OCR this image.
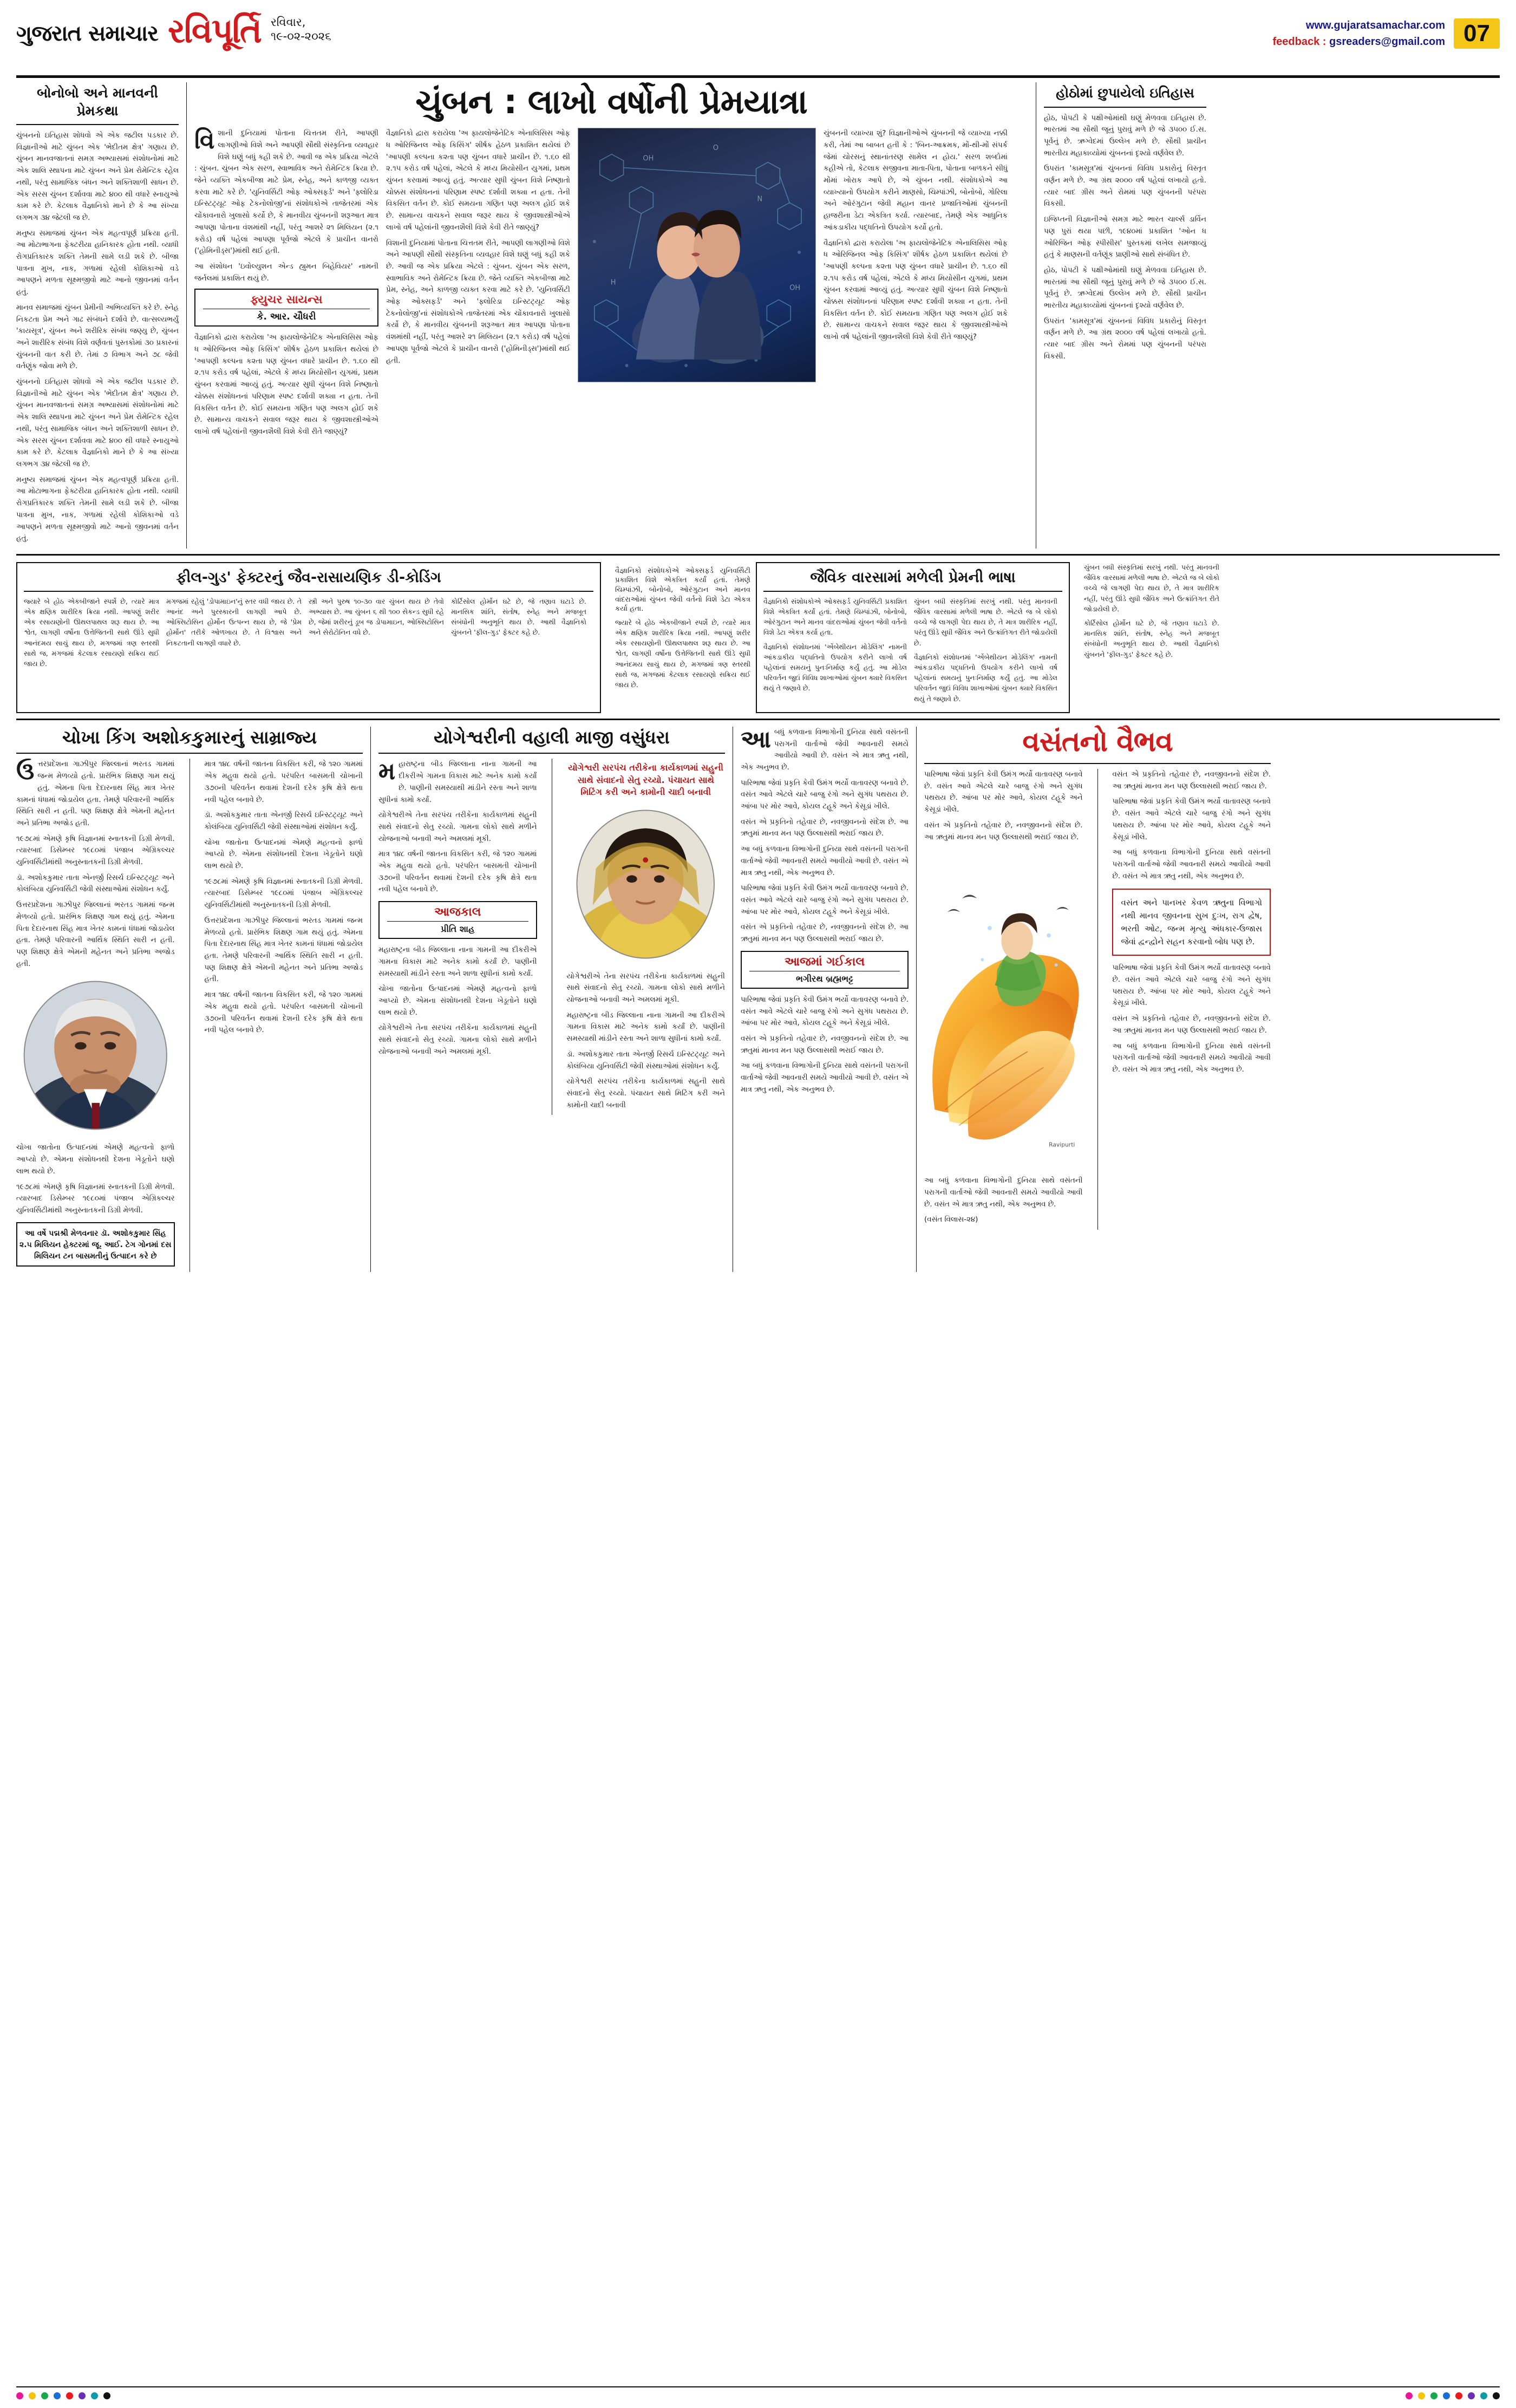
ગુજરાત સમાચાર રવિપૂર્તિ રવિવાર,
૧૯-૦૨-૨૦૨૬
www.gujaratsamachar.com
feedback : gsreaders@gmail.com 07
બોનોબો અને માનવની પ્રેમકથા

ચુંબનનો ઇતિહાસ શોધવો એ એક જટીલ પડકાર છે. વિજ્ઞાનીઓ માટે ચુંબન એક 'ભેદીતમ ક્ષેત્ર' ગણાય છે. ચુંબન માનવજાતનાં સમગ્ર અભ્યાસમાં સંશોધનોમાં માટે એક શાલિ સ્થાપના માટે ચુંબન અને પ્રેમ રોમેન્ટિક રહેલ નથી, પરંતુ સામાજિક બંધન અને શક્તિશાળી સાધન છે. એક સરસ ચુંબન દર્શાવવા માટે ૪૦૦ થી વધારે સ્નાયુઓ કામ કરે છે. કેટલાક વૈજ્ઞાનિકો માને છે કે આ સંખ્યા લગભગ ૩૪ જેટલી જ છે.

મનુષ્ય સમાજમાં ચુંબન એક મહત્વપૂર્ણ પ્રક્રિયા હતી. આ મોટાભાગના ફેક્ટરીયા હાનિકારક હોતા નથી. વ્યાધી રોગપ્રતિકારક શક્તિ તેમની સામે લડી શકે છે. બીજા પાત્રના મુખ, નાક, ગળામાં રહેલી કોશિકાઓ વડે આપણને મળતા સૂક્ષ્મજીવો માટે આનો જીવનમાં વર્તન હતું.

માનવ સમાજમાં ચુંબન પ્રેમીની અભિવ્યક્તિ કરે છે. સ્નેહ નિકટતા પ્રેમ અને ગાઢ સંબંધને દર્શાવે છે. વાત્સલ્યભર્યું 'કાયસૂત્ર', ચુંબન અને શરીરિક સંબંધ જણ્યુ છે, ચુંબન અને શારીરિક સંબંધ વિશે વર્ણવતાં પુસ્તકોમાં ૩૦ પ્રકારનાં ચુંબનની વાત કરી છે. તેમાં ૭ વિભાગ અને ૭૮ જેવી વર્તણુંક જોવા મળે છે.

ચુંબનનો ઇતિહાસ શોધવો એ એક જટીલ પડકાર છે. વિજ્ઞાનીઓ માટે ચુંબન એક 'ભેદીતમ ક્ષેત્ર' ગણાય છે. ચુંબન માનવજાતનાં સમગ્ર અભ્યાસમાં સંશોધનોમાં માટે એક શાલિ સ્થાપના માટે ચુંબન અને પ્રેમ રોમેન્ટિક રહેલ નથી, પરંતુ સામાજિક બંધન અને શક્તિશાળી સાધન છે. એક સરસ ચુંબન દર્શાવવા માટે ૪૦૦ થી વધારે સ્નાયુઓ કામ કરે છે. કેટલાક વૈજ્ઞાનિકો માને છે કે આ સંખ્યા લગભગ ૩૪ જેટલી જ છે.

મનુષ્ય સમાજમાં ચુંબન એક મહત્વપૂર્ણ પ્રક્રિયા હતી. આ મોટાભાગના ફેક્ટરીયા હાનિકારક હોતા નથી. વ્યાધી રોગપ્રતિકારક શક્તિ તેમની સામે લડી શકે છે. બીજા પાત્રના મુખ, નાક, ગળામાં રહેલી કોશિકાઓ વડે આપણને મળતા સૂક્ષ્મજીવો માટે આનો જીવનમાં વર્તન હતું.

ચુંબન : લાખો વર્ષોની પ્રેમયાત્રા

વિશાની દુનિયામાં પોતાના ચિત્તતમ રીતે, આપણી લાગણીઓ વિશે અને આપણી સૌથી સંસ્કૃતિના વ્યવહાર વિશે ઘણું બધું કહી શકે છે. આવી જ એક પ્રક્રિયા એટલે : ચુંબન. ચુંબન એક સરળ, સ્વાભાવિક અને રોમેન્ટિક ક્રિયા છે. જેને વ્યક્તિ એકબીજા માટે પ્રેમ, સ્નેહ, અને કાળજી વ્યક્ત કરવા માટે કરે છે. 'યુનિવર્સિટી ઓફ ઓક્સફર્ડ' અને 'ફ્લોરિડા ઇન્સ્ટિટ્યૂટ ઓફ ટેકનોલોજી'નાં સંશોધકોએ તાજેતરમાં એક ચોંકાવનારો ખુલાસો કર્યો છે, કે માનવીય ચુંબનની શરૂઆત માત્ર આપણા પોતાના વંશમાંથી નહીં, પરંતુ આશરે ૨૧ મિલિયન (૨.૧ કરોડ) વર્ષ પહેલાં આપણા પૂર્વજો એટલે કે પ્રાચીન વાનરો ('હોમિનીડ્સ')માંથી થઈ હતી.

આ સંશોધન 'ઇવોલ્યુશન એન્ડ હ્યુમન બિહેવિયર' નામની જર્નલમાં પ્રકાશિત થયું છે.

ફ્યુચર સાયન્સ
કે. આર. ચૌધરી

વૈજ્ઞાનિકો દ્વારા કરાયેલા 'અ ફાયલોજેનેટિક એનાલિસિસ ઓફ ધ ઓરિજિનલ ઓફ કિસિંગ' શીર્ષક હેઠળ પ્રકાશિત થયેલાં છે 'આપણી કલ્પના ક૨તા પણ ચુંબન વધારે પ્રાચીન છે. ૧.૬૦ થી ૨.૧૫ કરોડ વર્ષ પહેલાં, એટલે કે મધ્ય મિયોસીન યુગમાં, પ્રથમ ચુંબન કરવામાં આવ્યું હતું. અત્યાર સુધી ચુંબન વિશે નિષ્ણાતો ચોક્કસ સંશોધનનાં પરિણામ સ્પષ્ટ દર્શાવી શક્યા ન હતા. તેની વિકસિત વર્તન છે. કોઈ સમયના ગણિત પણ અલગ હોઈ શકે છે. સામાન્ય વાચકને સવાલ જરૂર થાય કે જીવશાસ્ત્રીઓએ લાખો વર્ષ પહેલાંની જીવનશૈલી વિશે કેવી રીતે જાણ્યું?

વૈજ્ઞાનિકો દ્વારા કરાયેલા 'અ ફાયલોજેનેટિક એનાલિસિસ ઓફ ધ ઓરિજિનલ ઓફ કિસિંગ' શીર્ષક હેઠળ પ્રકાશિત થયેલાં છે 'આપણી કલ્પના ક૨તા પણ ચુંબન વધારે પ્રાચીન છે. ૧.૬૦ થી ૨.૧૫ કરોડ વર્ષ પહેલાં, એટલે કે મધ્ય મિયોસીન યુગમાં, પ્રથમ ચુંબન કરવામાં આવ્યું હતું. અત્યાર સુધી ચુંબન વિશે નિષ્ણાતો ચોક્કસ સંશોધનનાં પરિણામ સ્પષ્ટ દર્શાવી શક્યા ન હતા. તેની વિકસિત વર્તન છે. કોઈ સમયના ગણિત પણ અલગ હોઈ શકે છે. સામાન્ય વાચકને સવાલ જરૂર થાય કે જીવશાસ્ત્રીઓએ લાખો વર્ષ પહેલાંની જીવનશૈલી વિશે કેવી રીતે જાણ્યું?

વિશાની દુનિયામાં પોતાના ચિત્તતમ રીતે, આપણી લાગણીઓ વિશે અને આપણી સૌથી સંસ્કૃતિના વ્યવહાર વિશે ઘણું બધું કહી શકે છે. આવી જ એક પ્રક્રિયા એટલે : ચુંબન. ચુંબન એક સરળ, સ્વાભાવિક અને રોમેન્ટિક ક્રિયા છે. જેને વ્યક્તિ એકબીજા માટે પ્રેમ, સ્નેહ, અને કાળજી વ્યક્ત કરવા માટે કરે છે. 'યુનિવર્સિટી ઓફ ઓક્સફર્ડ' અને 'ફ્લોરિડા ઇન્સ્ટિટ્યૂટ ઓફ ટેકનોલોજી'નાં સંશોધકોએ તાજેતરમાં એક ચોંકાવનારો ખુલાસો કર્યો છે, કે માનવીય ચુંબનની શરૂઆત માત્ર આપણા પોતાના વંશમાંથી નહીં, પરંતુ આશરે ૨૧ મિલિયન (૨.૧ કરોડ) વર્ષ પહેલાં આપણા પૂર્વજો એટલે કે પ્રાચીન વાનરો ('હોમિનીડ્સ')માંથી થઈ હતી.

OH
O
N
H
OH

ચુંબનની વ્યાખ્યા શું? વિજ્ઞાનીઓએ ચુંબનની જે વ્યાખ્યા નક્કી કરી, તેમાં આ બાબત હતી કે : 'બિન-આક્રમક, મોં-થી-મોં સંપર્ક જેમાં ચોરસનું સ્થાનાંતરણ સામેલ ન હોય.' સરળ શબ્દોમાં કહીએ તો, કેટલાક સજીવના માતા-પિતા, પોતાના બાળકને સીધું મોંમાં ખોરાક આપે છે, એ ચુંબન નથી. સંશોધકોએ આ વ્યાખ્યાનો ઉપયોગ કરીને માણસો, ચિમ્પાંઝી, બોનોબો, ગોરિલા અને ઓરંગુટાન જેવી મહાન વાનર પ્રજાતિઓમાં ચુંબનની હાજરીના ડેટા એકત્રિત કર્યા. ત્યારબાદ, તેમણે એક આધુનિક આંકડાકીય પદ્ધતિનો ઉપયોગ કર્યો હતો.

વૈજ્ઞાનિકો દ્વારા કરાયેલા 'અ ફાયલોજેનેટિક એનાલિસિસ ઓફ ધ ઓરિજિનલ ઓફ કિસિંગ' શીર્ષક હેઠળ પ્રકાશિત થયેલાં છે 'આપણી કલ્પના ક૨તા પણ ચુંબન વધારે પ્રાચીન છે. ૧.૬૦ થી ૨.૧૫ કરોડ વર્ષ પહેલાં, એટલે કે મધ્ય મિયોસીન યુગમાં, પ્રથમ ચુંબન કરવામાં આવ્યું હતું. અત્યાર સુધી ચુંબન વિશે નિષ્ણાતો ચોક્કસ સંશોધનનાં પરિણામ સ્પષ્ટ દર્શાવી શક્યા ન હતા. તેની વિકસિત વર્તન છે. કોઈ સમયના ગણિત પણ અલગ હોઈ શકે છે. સામાન્ય વાચકને સવાલ જરૂર થાય કે જીવશાસ્ત્રીઓએ લાખો વર્ષ પહેલાંની જીવનશૈલી વિશે કેવી રીતે જાણ્યું?

હોઠોમાં છુપાયેલો ઇતિહાસ

હોઠ, પોપટી કે પક્ષીઓમાંથી ઘણું મેળવવા ઇતિહાસ છે. ભારતમાં આ સૌથી જૂનું પુરાવું મળે છે જે ૩૫૦૦ ઈ.સ. પૂર્વનું છે. ઋગ્વેદમાં ઉલ્લેખ મળે છે. સૌથી પ્રાચીન ભારતીય મહાકાવ્યોમાં ચુંબનનાં દૃશ્યો વર્ણવેલ છે.

ઉપરાંત 'કામસૂત્ર'માં ચુંબનનાં વિવિધ પ્રકારોનું વિસ્તૃત વર્ણન મળે છે. આ ગ્રંથ ૨૦૦૦ વર્ષ પહેલાં લખાયો હતો. ત્યાર બાદ ગ્રીસ અને રોમમાં પણ ચુંબનની પરંપરા વિકસી.

ઇજિપ્તની વિજ્ઞાનીઓ સમગ્ર માટે ભારત ચાર્લ્સ ડાર્વિન પણ પુરાં થયા પછી, ૧૯૪૦માં પ્રકાશિત 'ઓન ધ ઓરિજિન ઓફ સ્પીસીસ' પુસ્તકમાં લખેલ સમજાવ્યું હતું કે માણસની વર્તણૂંક પ્રાણીઓ સાથે સંબંધિત છે.

હોઠ, પોપટી કે પક્ષીઓમાંથી ઘણું મેળવવા ઇતિહાસ છે. ભારતમાં આ સૌથી જૂનું પુરાવું મળે છે જે ૩૫૦૦ ઈ.સ. પૂર્વનું છે. ઋગ્વેદમાં ઉલ્લેખ મળે છે. સૌથી પ્રાચીન ભારતીય મહાકાવ્યોમાં ચુંબનનાં દૃશ્યો વર્ણવેલ છે.

ઉપરાંત 'કામસૂત્ર'માં ચુંબનનાં વિવિધ પ્રકારોનું વિસ્તૃત વર્ણન મળે છે. આ ગ્રંથ ૨૦૦૦ વર્ષ પહેલાં લખાયો હતો. ત્યાર બાદ ગ્રીસ અને રોમમાં પણ ચુંબનની પરંપરા વિકસી.

ફીલ-ગુડ' ફેક્ટરનું જૈવ-રાસાયણિક ડી-કોડિંગ

જ્યારે બે હોઠ એકબીજાને સ્પર્શે છે, ત્યારે માત્ર એક ક્ષણિક શારીરિક ક્રિયા નથી. આપણું શરીર એક રસાયણોની ઊથલપાથલ શરૂ થાય છે. આ શ્વેત, લાગણી વર્ષોના ઉત્તેજિતની સાથે ઊંડે સુધી આનંદમય સાચું થાય છે, મગજમાં ત્રણ સ્તરથી સાથે જ, મગજમાં કેટલાક રસાયણો સક્રિય થઈ જાય છે.

મગજમાં રહેલું 'ડોપામાઇન'નું સ્તર વધી જાય છે. તે આનંદ અને પુરસ્કારની લાગણી આપે છે. ઓક્સિટોસિન હોર્મોન ઉત્પન્ન થાય છે, જે 'પ્રેમ હોર્મોન' તરીકે ઓળખાય છે. તે વિશ્વાસ અને નિકટતાની લાગણી વધારે છે.

સ્ત્રી અને પુરુષ ૧૦-૩૦ વાર ચુંબન થાય છે તેવો અભ્યાસ છે. આ ચુંબન ૬ થી ૧૦૦ સેકન્ડ સુધી રહે છે, જેમાં શરીરનું ડૂબ જ ડોપામાઇન, ઓક્સિટોસિન અને સેરોટોનિન વધે છે.

કોર્ટિસોલ હોર્મોન ઘટે છે, જે તણાવ ઘટાડે છે. માનસિક શાંતિ, સંતોષ, સ્નેહ અને મજબૂત સંબંધોની અનુભૂતિ થાય છે. આથી વૈજ્ઞાનિકો ચુંબનને 'ફીલ-ગુડ' ફેક્ટર કહે છે.

વૈજ્ઞાનિકો સંશોધકોએ ઓક્સફર્ડ યુનિવર્સિટી પ્રકાશિત વિશે એકત્રિત કર્યાં હતાં. તેમણે ચિમ્પાંઝી, બોનોબો, ઓરંગુટાન અને માનવ વાંદરાઓમાં ચુંબન જેવી વર્તનો વિશે ડેટા એકત્ર કર્યા હતા.

જ્યારે બે હોઠ એકબીજાને સ્પર્શે છે, ત્યારે માત્ર એક ક્ષણિક શારીરિક ક્રિયા નથી. આપણું શરીર એક રસાયણોની ઊથલપાથલ શરૂ થાય છે. આ શ્વેત, લાગણી વર્ષોના ઉત્તેજિતની સાથે ઊંડે સુધી આનંદમય સાચું થાય છે, મગજમાં ત્રણ સ્તરથી સાથે જ, મગજમાં કેટલાક રસાયણો સક્રિય થઈ જાય છે.

જૈવિક વારસામાં મળેલી પ્રેમની ભાષા

વૈજ્ઞાનિકો સંશોધકોએ ઓક્સફર્ડ યુનિવર્સિટી પ્રકાશિત વિશે એકત્રિત કર્યાં હતાં. તેમણે ચિમ્પાંઝી, બોનોબો, ઓરંગુટાન અને માનવ વાંદરાઓમાં ચુંબન જેવી વર્તનો વિશે ડેટા એકત્ર કર્યા હતા.

વૈજ્ઞાનિકો સંશોધનમાં 'એંબેથીયન મોડેલિંગ' નામની આંકડાકીય પદ્ધતિનો ઉપયોગ કરીને લાખો વર્ષ પહેલાંનાં સમયનું પુનઃનિર્માણ કર્યું હતું. આ મોડેલ પરિવર્તન જુદાં વિવિધ શાખાઓમાં ચુંબન ક્યારે વિકસિત થયું તે જણાવે છે.

ચુંબન બધી સંસ્કૃતિમાં સરખું નથી. પરંતુ માનવની જૈવિક વારસામાં મળેલી ભાષા છે. એટલે જ બે લોકો વચ્ચે જે લાગણી પેદા થાય છે, તે માત્ર શારીરિક નહીં, પરંતુ ઊંડે સુધી જૈવિક અને ઉત્ક્રાંતિગત રીતે જોડાયેલી છે.

વૈજ્ઞાનિકો સંશોધનમાં 'એંબેથીયન મોડેલિંગ' નામની આંકડાકીય પદ્ધતિનો ઉપયોગ કરીને લાખો વર્ષ પહેલાંનાં સમયનું પુનઃનિર્માણ કર્યું હતું. આ મોડેલ પરિવર્તન જુદાં વિવિધ શાખાઓમાં ચુંબન ક્યારે વિકસિત થયું તે જણાવે છે.

ચુંબન બધી સંસ્કૃતિમાં સરખું નથી. પરંતુ માનવની જૈવિક વારસામાં મળેલી ભાષા છે. એટલે જ બે લોકો વચ્ચે જે લાગણી પેદા થાય છે, તે માત્ર શારીરિક નહીં, પરંતુ ઊંડે સુધી જૈવિક અને ઉત્ક્રાંતિગત રીતે જોડાયેલી છે.

કોર્ટિસોલ હોર્મોન ઘટે છે, જે તણાવ ઘટાડે છે. માનસિક શાંતિ, સંતોષ, સ્નેહ અને મજબૂત સંબંધોની અનુભૂતિ થાય છે. આથી વૈજ્ઞાનિકો ચુંબનને 'ફીલ-ગુડ' ફેક્ટર કહે છે.

ચોખા કિંગ અશોકકુમારનું સામ્રાજ્ય

ઉત્તરપ્રદેશના ગાઝીપુર જિલ્લાનાં ભરતડ ગામમાં જન્મ મેળવ્યો હતો. પ્રારંભિક શિક્ષણ ગામ થયું હતું. એમના પિતા દેદારનાથ સિંહ માત્ર ખેતર કામનાં ધંધામાં જોડાયેલ હતા. તેમણે પરિવારની આર્થિક સ્થિતિ સારી ન હતી. પણ શિક્ષણ ક્ષેત્રે એમની મહેનત અને પ્રતિભા અજોડ હતી.

૧૯૭૮માં એમણે કૃષિ વિજ્ઞાનમાં સ્નાતકની ડિગ્રી મેળવી. ત્યારબાદ ડિસેમ્બર ૧૯૮૦માં પંજાબ એગ્રિકલ્ચર યુનિવર્સિટીમાંથી અનુસ્નાતકની ડિગ્રી મેળવી.

ડૉ. અશોકકુમાર તાતા એનર્જી રિસર્ચ ઇન્સ્ટિટ્યૂટ અને કોલંબિયા યુનિવર્સિટી જેવી સંસ્થાઓમાં સંશોધન કર્યું.

ઉત્તરપ્રદેશના ગાઝીપુર જિલ્લાનાં ભરતડ ગામમાં જન્મ મેળવ્યો હતો. પ્રારંભિક શિક્ષણ ગામ થયું હતું. એમના પિતા દેદારનાથ સિંહ માત્ર ખેતર કામનાં ધંધામાં જોડાયેલ હતા. તેમણે પરિવારની આર્થિક સ્થિતિ સારી ન હતી. પણ શિક્ષણ ક્ષેત્રે એમની મહેનત અને પ્રતિભા અજોડ હતી.

ચોખા જાતોના ઉત્પાદનમાં એમણે મહત્વનો ફાળો આપ્યો છે. એમના સંશોધનથી દેશના ખેડૂતોને ઘણો લાભ થયો છે.

૧૯૭૮માં એમણે કૃષિ વિજ્ઞાનમાં સ્નાતકની ડિગ્રી મેળવી. ત્યારબાદ ડિસેમ્બર ૧૯૮૦માં પંજાબ એગ્રિકલ્ચર યુનિવર્સિટીમાંથી અનુસ્નાતકની ડિગ્રી મેળવી.

આ વર્ષે પદ્મશ્રી મેળવનાર ડૉ. અશોકકુમાર સિંહ ૨.૫ મિલિયન હેક્ટરમાં જૂ. આઈ. ટેગ ગોનમાં દસ મિલિયન ટન બાસમતીનું ઉત્પાદન કરે છે

માત્ર ૧૪૮ વર્ષની જાતના વિકસિત કરી, જે ૧૨૦ ગામમાં એક મહુવા થયો હતો. પરંપરિત બાસમતી ચોખાની ૩૭૦ની પરિવર્તન થવામાં દેશની દરેક કૃષિ ક્ષેત્રે થતા નવી પહેલ બનાવે છે.

ડૉ. અશોકકુમાર તાતા એનર્જી રિસર્ચ ઇન્સ્ટિટ્યૂટ અને કોલંબિયા યુનિવર્સિટી જેવી સંસ્થાઓમાં સંશોધન કર્યું.

ચોખા જાતોના ઉત્પાદનમાં એમણે મહત્વનો ફાળો આપ્યો છે. એમના સંશોધનથી દેશના ખેડૂતોને ઘણો લાભ થયો છે.

૧૯૭૮માં એમણે કૃષિ વિજ્ઞાનમાં સ્નાતકની ડિગ્રી મેળવી. ત્યારબાદ ડિસેમ્બર ૧૯૮૦માં પંજાબ એગ્રિકલ્ચર યુનિવર્સિટીમાંથી અનુસ્નાતકની ડિગ્રી મેળવી.

ઉત્તરપ્રદેશના ગાઝીપુર જિલ્લાનાં ભરતડ ગામમાં જન્મ મેળવ્યો હતો. પ્રારંભિક શિક્ષણ ગામ થયું હતું. એમના પિતા દેદારનાથ સિંહ માત્ર ખેતર કામનાં ધંધામાં જોડાયેલ હતા. તેમણે પરિવારની આર્થિક સ્થિતિ સારી ન હતી. પણ શિક્ષણ ક્ષેત્રે એમની મહેનત અને પ્રતિભા અજોડ હતી.

માત્ર ૧૪૮ વર્ષની જાતના વિકસિત કરી, જે ૧૨૦ ગામમાં એક મહુવા થયો હતો. પરંપરિત બાસમતી ચોખાની ૩૭૦ની પરિવર્તન થવામાં દેશની દરેક કૃષિ ક્ષેત્રે થતા નવી પહેલ બનાવે છે.

યોગેશ્વરીની વહાલી માજી વસુંધરા

મહારાષ્ટ્રના બીડ જિલ્લાના નાના ગામની આ દીકરીએ ગામના વિકાસ માટે અનેક કામો કર્યાં છે. પાણીની સમસ્યાથી માંડીને રસ્તા અને શાળા સુધીનાં કામો કર્યાં.

યોગેશ્વરીએ તેના સરપંચ તરીકેના કાર્યકાળમાં સહુની સાથે સંવાદનો સેતુ રચ્યો. ગામના લોકો સાથે મળીને યોજનાઓ બનાવી અને અમલમાં મૂકી.

માત્ર ૧૪૮ વર્ષની જાતના વિકસિત કરી, જે ૧૨૦ ગામમાં એક મહુવા થયો હતો. પરંપરિત બાસમતી ચોખાની ૩૭૦ની પરિવર્તન થવામાં દેશની દરેક કૃષિ ક્ષેત્રે થતા નવી પહેલ બનાવે છે.

આજકાલ
પ્રીતિ શાહ

મહારાષ્ટ્રના બીડ જિલ્લાના નાના ગામની આ દીકરીએ ગામના વિકાસ માટે અનેક કામો કર્યાં છે. પાણીની સમસ્યાથી માંડીને રસ્તા અને શાળા સુધીનાં કામો કર્યાં.

ચોખા જાતોના ઉત્પાદનમાં એમણે મહત્વનો ફાળો આપ્યો છે. એમના સંશોધનથી દેશના ખેડૂતોને ઘણો લાભ થયો છે.

યોગેશ્વરીએ તેના સરપંચ તરીકેના કાર્યકાળમાં સહુની સાથે સંવાદનો સેતુ રચ્યો. ગામના લોકો સાથે મળીને યોજનાઓ બનાવી અને અમલમાં મૂકી.

યોગેશ્વરી સરપંચ તરીકેના કાર્યકાળમાં સહુની સાથે સંવાદનો સેતુ રચ્યો. પંચાયત સાથે મિટિંગ કરી અને કામોની ચાદી બનાવી

યોગેશ્વરીએ તેના સરપંચ તરીકેના કાર્યકાળમાં સહુની સાથે સંવાદનો સેતુ રચ્યો. ગામના લોકો સાથે મળીને યોજનાઓ બનાવી અને અમલમાં મૂકી.

મહારાષ્ટ્રના બીડ જિલ્લાના નાના ગામની આ દીકરીએ ગામના વિકાસ માટે અનેક કામો કર્યાં છે. પાણીની સમસ્યાથી માંડીને રસ્તા અને શાળા સુધીનાં કામો કર્યાં.

ડૉ. અશોકકુમાર તાતા એનર્જી રિસર્ચ ઇન્સ્ટિટ્યૂટ અને કોલંબિયા યુનિવર્સિટી જેવી સંસ્થાઓમાં સંશોધન કર્યું.

યોગેશ્વરી સરપંચ તરીકેના કાર્યકાળમાં સહુની સાથે સંવાદનો સેતુ રચ્યો. પંચાયત સાથે મિટિંગ કરી અને કામોની ચાદી બનાવી

આબધું કળવાના વિભાગોની દુનિયા સાથે વસંતની પરાગની વાર્તાઓ જેવી આવનારી સમયે આવીયો આવી છે. વસંત એ માત્ર ઋતુ નથી, એક અનુભવ છે.

પારિભાષા જેવાં પ્રકૃતિ કેવી ઉમંગ ભર્યો વાતાવરણ બનાવે છે. વસંત આવે એટલે ચારે બાજુ રંગો અને સુગંધ પથરાય છે. આંબા પર મોર આવે, કોયલ ટહૂકે અને કેસૂડાં ખીલે.

વસંત એ પ્રકૃતિનો તહેવાર છે, નવજીવનનો સંદેશ છે. આ ઋતુમાં માનવ મન પણ ઉલ્લાસથી ભરાઈ જાય છે.

આ બધું કળવાના વિભાગોની દુનિયા સાથે વસંતની પરાગની વાર્તાઓ જેવી આવનારી સમયે આવીયો આવી છે. વસંત એ માત્ર ઋતુ નથી, એક અનુભવ છે.

પારિભાષા જેવાં પ્રકૃતિ કેવી ઉમંગ ભર્યો વાતાવરણ બનાવે છે. વસંત આવે એટલે ચારે બાજુ રંગો અને સુગંધ પથરાય છે. આંબા પર મોર આવે, કોયલ ટહૂકે અને કેસૂડાં ખીલે.

વસંત એ પ્રકૃતિનો તહેવાર છે, નવજીવનનો સંદેશ છે. આ ઋતુમાં માનવ મન પણ ઉલ્લાસથી ભરાઈ જાય છે.

આજમાં ગઈકાલ
ભગીરથ બ્રહ્મભટ્ટ

પારિભાષા જેવાં પ્રકૃતિ કેવી ઉમંગ ભર્યો વાતાવરણ બનાવે છે. વસંત આવે એટલે ચારે બાજુ રંગો અને સુગંધ પથરાય છે. આંબા પર મોર આવે, કોયલ ટહૂકે અને કેસૂડાં ખીલે.

વસંત એ પ્રકૃતિનો તહેવાર છે, નવજીવનનો સંદેશ છે. આ ઋતુમાં માનવ મન પણ ઉલ્લાસથી ભરાઈ જાય છે.

આ બધું કળવાના વિભાગોની દુનિયા સાથે વસંતની પરાગની વાર્તાઓ જેવી આવનારી સમયે આવીયો આવી છે. વસંત એ માત્ર ઋતુ નથી, એક અનુભવ છે.

વસંતનો વૈભવ

પારિભાષા જેવાં પ્રકૃતિ કેવી ઉમંગ ભર્યો વાતાવરણ બનાવે છે. વસંત આવે એટલે ચારે બાજુ રંગો અને સુગંધ પથરાય છે. આંબા પર મોર આવે, કોયલ ટહૂકે અને કેસૂડાં ખીલે.

વસંત એ પ્રકૃતિનો તહેવાર છે, નવજીવનનો સંદેશ છે. આ ઋતુમાં માનવ મન પણ ઉલ્લાસથી ભરાઈ જાય છે.

Ravipurti

આ બધું કળવાના વિભાગોની દુનિયા સાથે વસંતની પરાગની વાર્તાઓ જેવી આવનારી સમયે આવીયો આવી છે. વસંત એ માત્ર ઋતુ નથી, એક અનુભવ છે.

(વસંત વિલાસ-૨૪)

વસંત એ પ્રકૃતિનો તહેવાર છે, નવજીવનનો સંદેશ છે. આ ઋતુમાં માનવ મન પણ ઉલ્લાસથી ભરાઈ જાય છે.

પારિભાષા જેવાં પ્રકૃતિ કેવી ઉમંગ ભર્યો વાતાવરણ બનાવે છે. વસંત આવે એટલે ચારે બાજુ રંગો અને સુગંધ પથરાય છે. આંબા પર મોર આવે, કોયલ ટહૂકે અને કેસૂડાં ખીલે.

આ બધું કળવાના વિભાગોની દુનિયા સાથે વસંતની પરાગની વાર્તાઓ જેવી આવનારી સમયે આવીયો આવી છે. વસંત એ માત્ર ઋતુ નથી, એક અનુભવ છે.

વસંત અને પાનખર કેવળ ઋતુના વિભાગો નથી માનવ જીવનના સુખ દુઃખ, રાગ દ્વેષ, ભરતી ઓટ, જન્મ મૃત્યુ અંધકાર-ઉજાસ જેવાં દ્વન્દ્વોને સહન કરવાનો બોધ પણ છે.

પારિભાષા જેવાં પ્રકૃતિ કેવી ઉમંગ ભર્યો વાતાવરણ બનાવે છે. વસંત આવે એટલે ચારે બાજુ રંગો અને સુગંધ પથરાય છે. આંબા પર મોર આવે, કોયલ ટહૂકે અને કેસૂડાં ખીલે.

વસંત એ પ્રકૃતિનો તહેવાર છે, નવજીવનનો સંદેશ છે. આ ઋતુમાં માનવ મન પણ ઉલ્લાસથી ભરાઈ જાય છે.

આ બધું કળવાના વિભાગોની દુનિયા સાથે વસંતની પરાગની વાર્તાઓ જેવી આવનારી સમયે આવીયો આવી છે. વસંત એ માત્ર ઋતુ નથી, એક અનુભવ છે.
